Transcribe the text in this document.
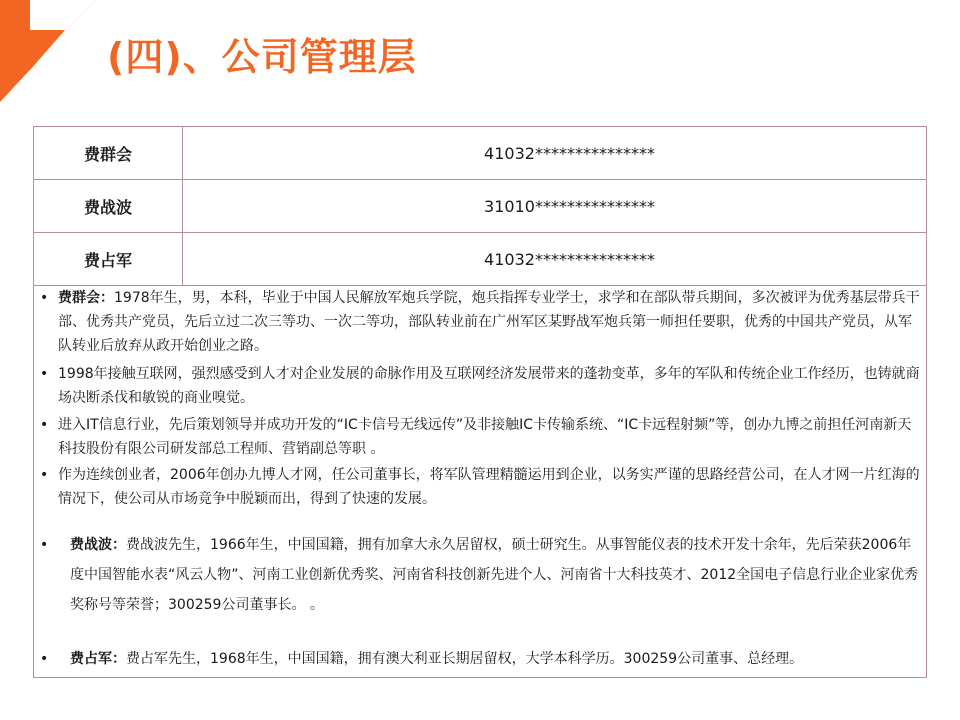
(四)、公司管理层
费群会	41032***************
费战波	31010***************
费占军	41032***************
• 费群会：1978年生，男，本科，毕业于中国人民解放军炮兵学院，炮兵指挥专业学士，求学和在部队带兵期间，多次被评为优秀基层带兵干部、优秀共产党员，先后立过二次三等功、一次二等功，部队转业前在广州军区某野战军炮兵第一师担任要职，优秀的中国共产党员，从军队转业后放弃从政开始创业之路。
• 1998年接触互联网，强烈感受到人才对企业发展的命脉作用及互联网经济发展带来的蓬勃变革，多年的军队和传统企业工作经历，也铸就商场决断杀伐和敏锐的商业嗅觉。
• 进入IT信息行业，先后策划领导并成功开发的“IC卡信号无线远传”及非接触IC卡传输系统、“IC卡远程射频”等，创办九博之前担任河南新天科技股份有限公司研发部总工程师、营销副总等职 。
• 作为连续创业者，2006年创办九博人才网，任公司董事长，将军队管理精髓运用到企业，以务实严谨的思路经营公司，在人才网一片红海的情况下，使公司从市场竞争中脱颖而出，得到了快速的发展。
• 费战波：费战波先生，1966年生，中国国籍，拥有加拿大永久居留权，硕士研究生。从事智能仪表的技术开发十余年，先后荣获2006年度中国智能水表“风云人物”、河南工业创新优秀奖、河南省科技创新先进个人、河南省十大科技英才、2012全国电子信息行业企业家优秀奖称号等荣誉；300259公司董事长。 。
• 费占军：费占军先生，1968年生，中国国籍，拥有澳大利亚长期居留权，大学本科学历。300259公司董事、总经理。
